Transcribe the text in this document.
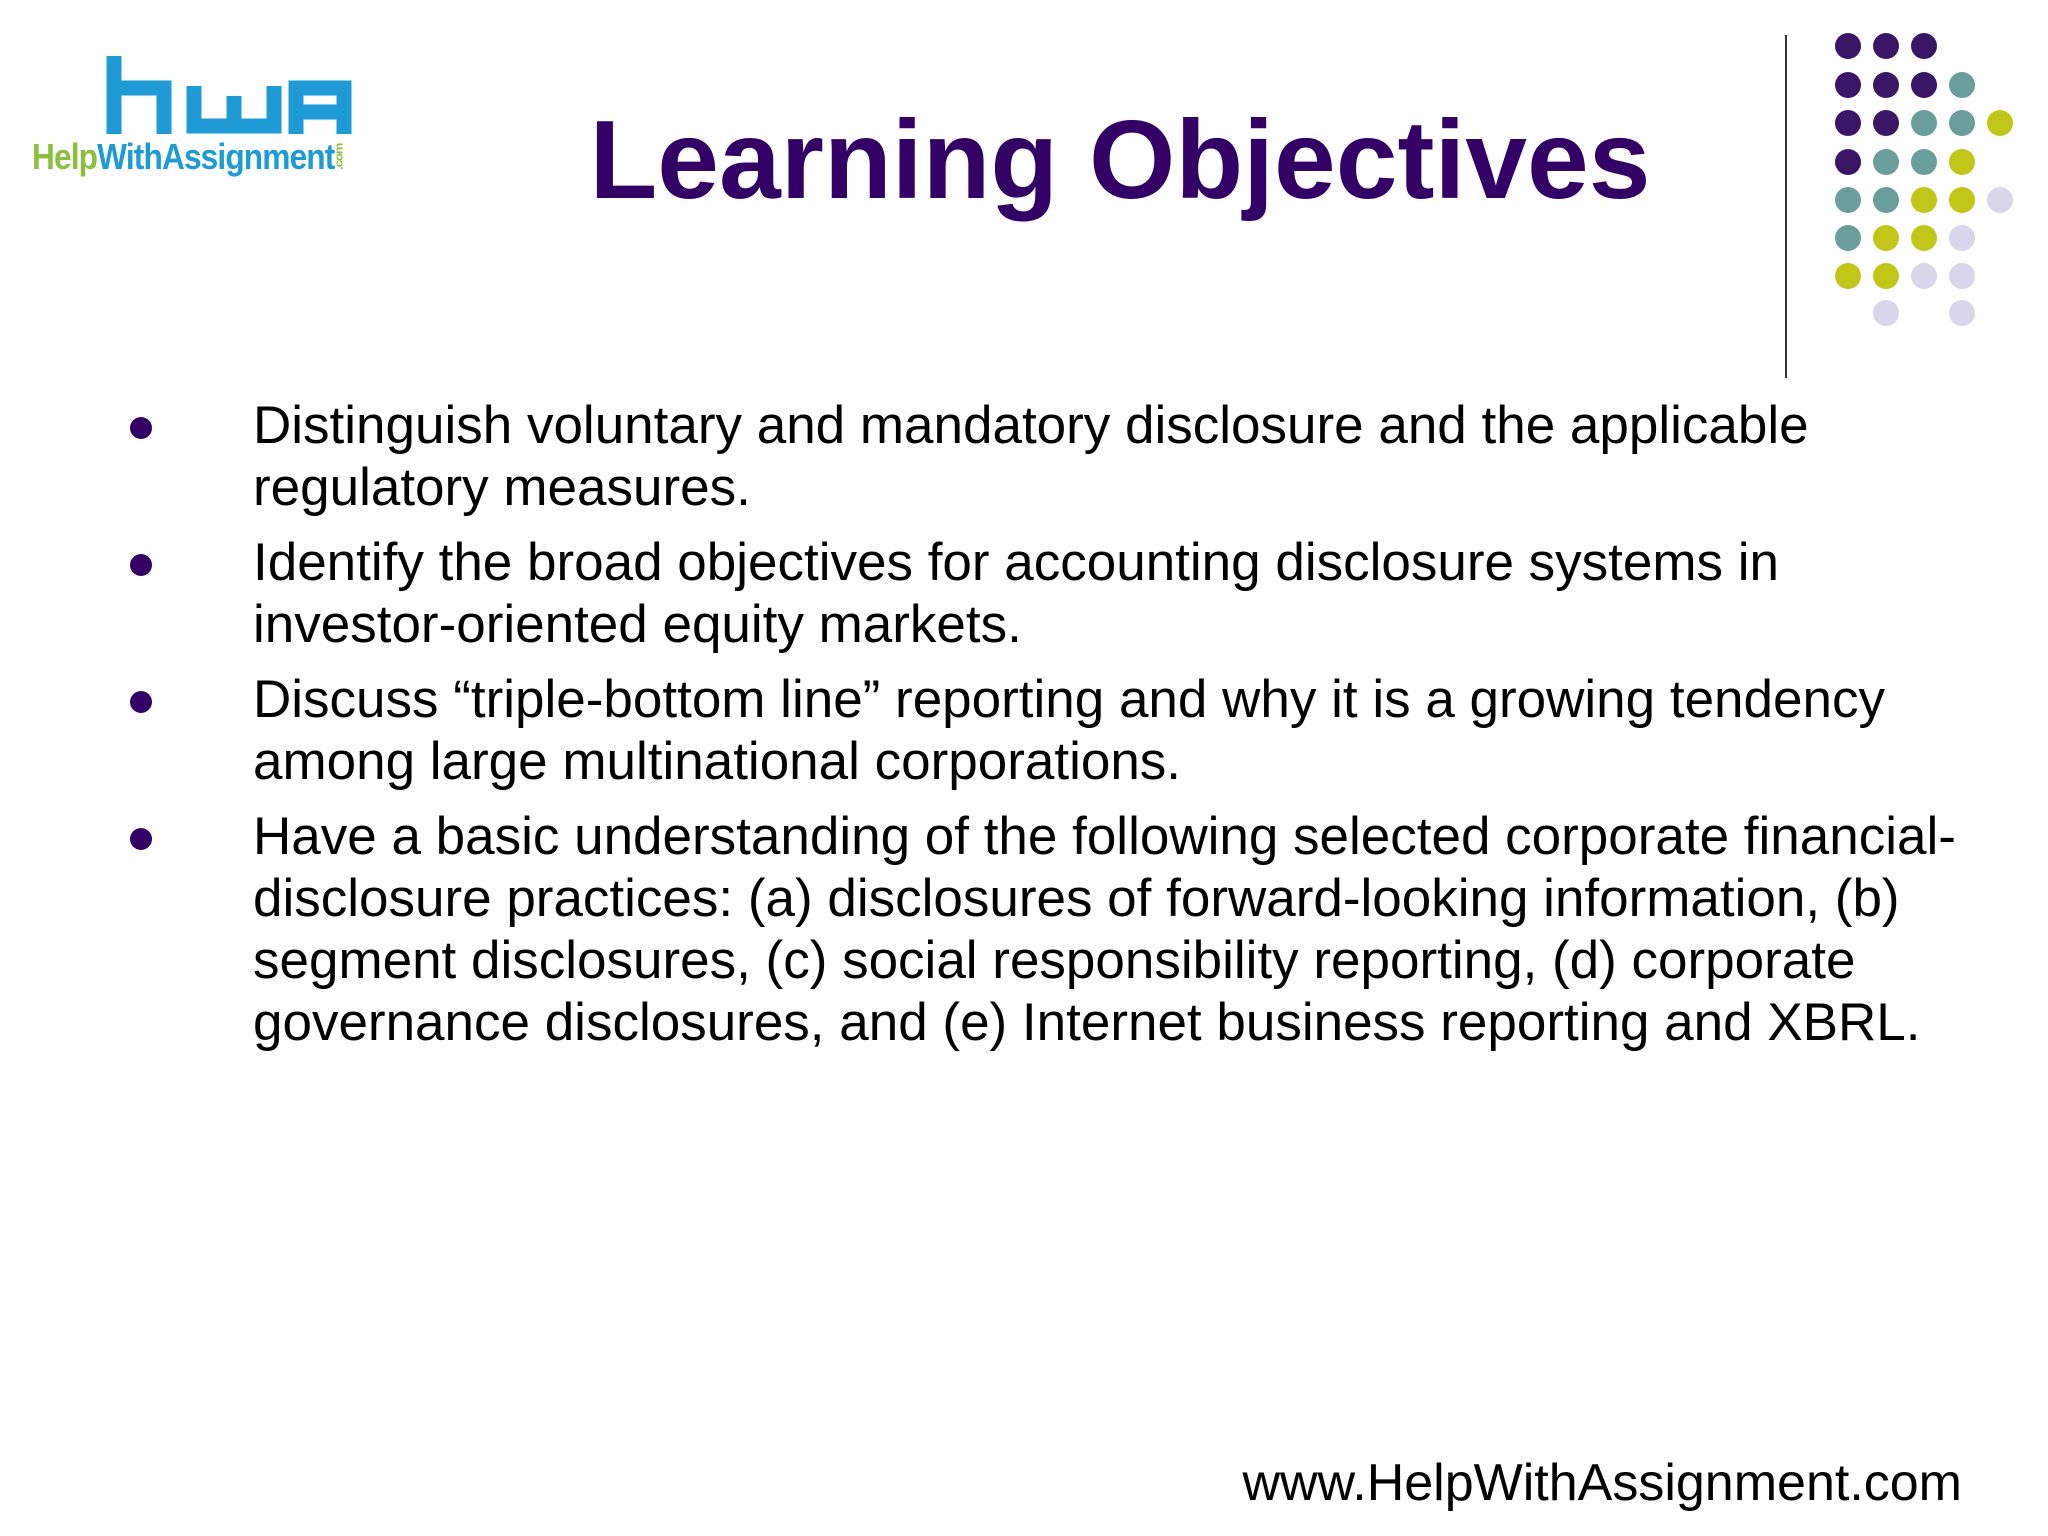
HelpWithAssignment.com	Learning Objectives
Distinguish voluntary and mandatory disclosure and the applicable regulatory measures.
Identify the broad objectives for accounting disclosure systems in investor-oriented equity markets.
Discuss “triple-bottom line” reporting and why it is a growing tendency among large multinational corporations.
Have a basic understanding of the following selected corporate financial-disclosure practices: (a) disclosures of forward-looking information, (b) segment disclosures, (c) social responsibility reporting, (d) corporate governance disclosures, and (e) Internet business reporting and XBRL.
www.HelpWithAssignment.com
